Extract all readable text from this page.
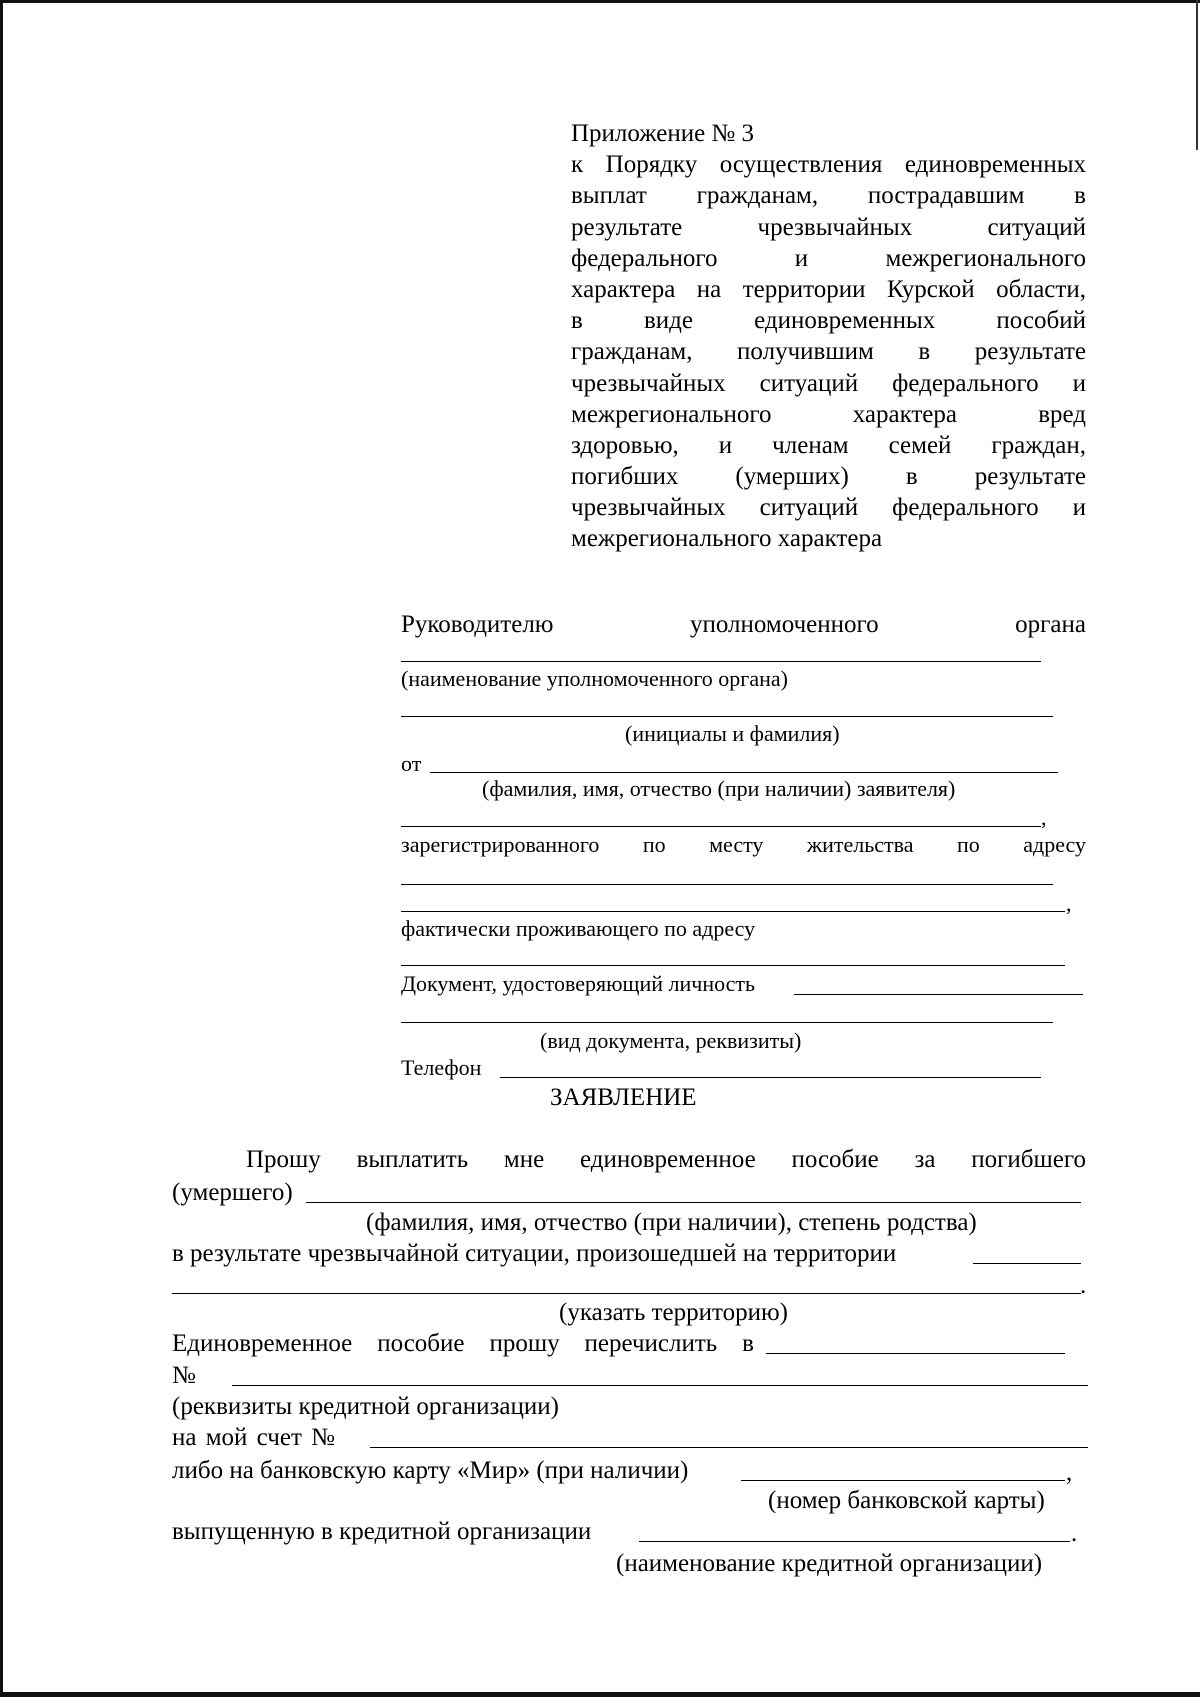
Приложение № 3
к Порядку осуществления единовременных
выплат гражданам, пострадавшим в
результате	чрезвычайных	ситуаций
федерального	и	межрегионального
характера на территории Курской области,
в виде единовременных пособий
гражданам, получившим в результате
чрезвычайных ситуаций федерального и
межрегионального	характера	вред
здоровью, и членам семей граждан,
погибших (умерших) в результате
чрезвычайных ситуаций федерального и
межрегионального характера
Руководителю	уполномоченного	органа
(наименование уполномоченного органа)
(инициалы и фамилия)
от
(фамилия, имя, отчество (при наличии) заявителя)
,
зарегистрированного по месту жительства по адресу
,
фактически проживающего по адресу
Документ, удостоверяющий личность
(вид документа, реквизиты)
Телефон
ЗАЯВЛЕНИЕ
Прошу выплатить мне единовременное пособие за погибшего
(умершего)
(фамилия, имя, отчество (при наличии), степень родства)
в результате чрезвычайной ситуации, произошедшей на территории
.
(указать территорию)
Единовременное пособие прошу перечислить в
№
(реквизиты кредитной организации)
на мой счет №
либо на банковскую карту «Мир» (при наличии)	,
(номер банковской карты)
выпущенную в кредитной организации	.
(наименование кредитной организации)
